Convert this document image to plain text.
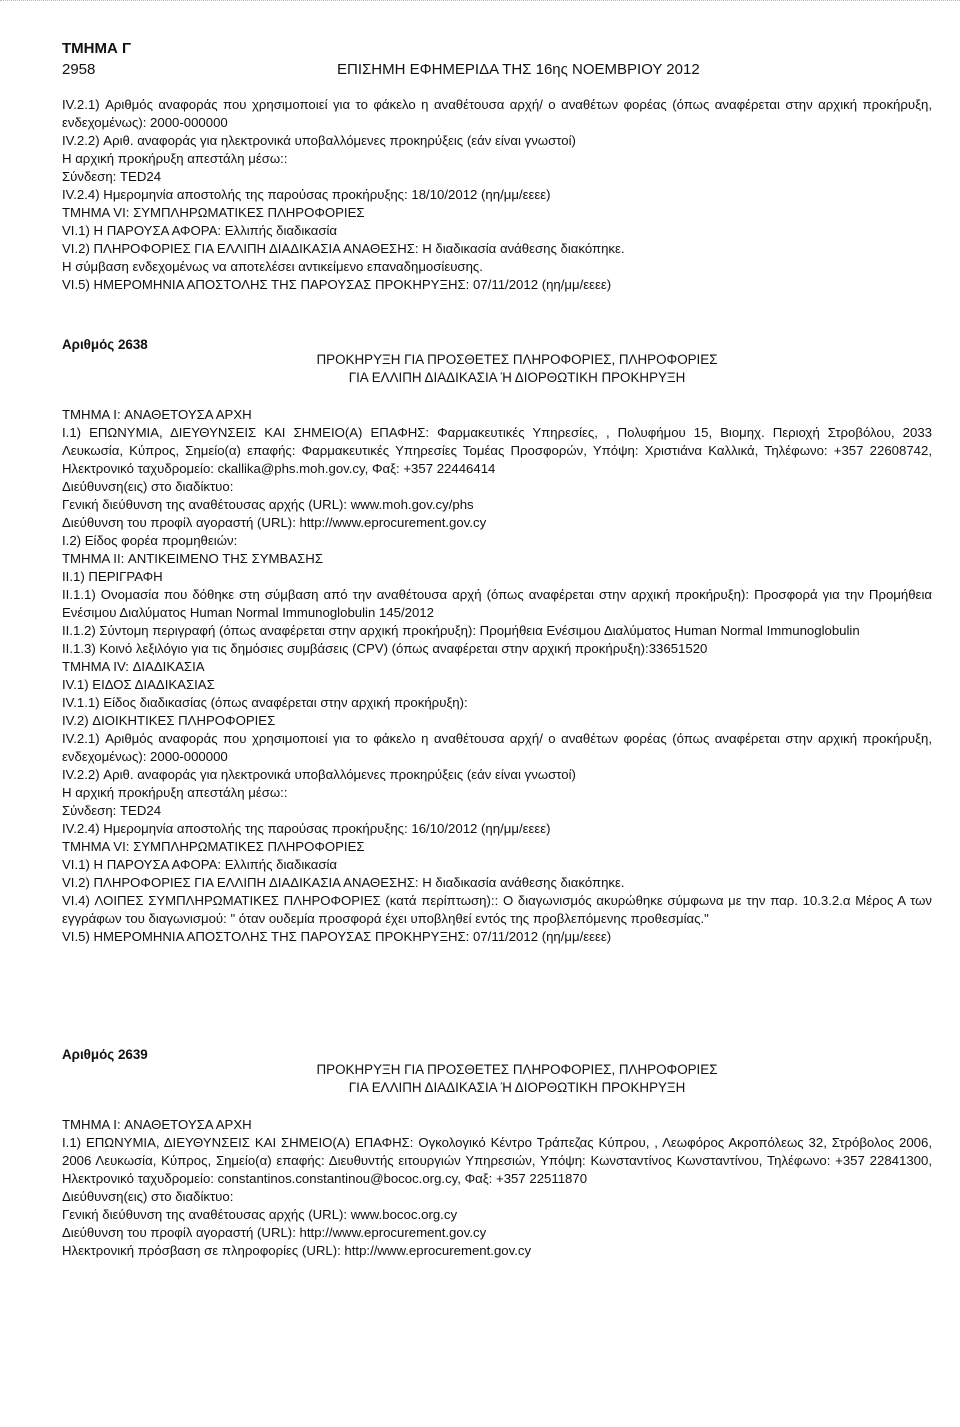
ΤΜΗΜΑ Γ
2958	ΕΠΙΣΗΜΗ ΕΦΗΜΕΡΙΔΑ ΤΗΣ 16ης ΝΟΕΜΒΡΙΟΥ 2012

IV.2.1) Αριθμός αναφοράς που χρησιμοποιεί για το φάκελο η αναθέτουσα αρχή/ ο αναθέτων φορέας (όπως αναφέρεται στην αρχική προκήρυξη, ενδεχομένως): 2000-000000

IV.2.2) Αριθ. αναφοράς για ηλεκτρονικά υποβαλλόμενες προκηρύξεις (εάν είναι γνωστοί)

Η αρχική προκήρυξη απεστάλη μέσω::

Σύνδεση: TED24

IV.2.4) Ημερομηνία αποστολής της παρούσας προκήρυξης: 18/10/2012 (ηη/μμ/εεεε)

ΤΜΗΜΑ VI: ΣΥΜΠΛΗΡΩΜΑΤΙΚΕΣ ΠΛΗΡΟΦΟΡΙΕΣ

VI.1) Η ΠΑΡΟΥΣΑ ΑΦΟΡΑ: Ελλιπής διαδικασία

VI.2) ΠΛΗΡΟΦΟΡΙΕΣ ΓΙΑ ΕΛΛΙΠΗ ΔΙΑΔΙΚΑΣΙΑ ΑΝΑΘΕΣΗΣ: Η διαδικασία ανάθεσης διακόπηκε.

Η σύμβαση ενδεχομένως να αποτελέσει αντικείμενο επαναδημοσίευσης.

VI.5) ΗΜΕΡΟΜΗΝΙΑ ΑΠΟΣΤΟΛΗΣ ΤΗΣ ΠΑΡΟΥΣΑΣ ΠΡΟΚΗΡΥΞΗΣ: 07/11/2012 (ηη/μμ/εεεε)

Αριθμός 2638
ΠΡΟΚΗΡΥΞΗ ΓΙΑ ΠΡΟΣΘΕΤΕΣ ΠΛΗΡΟΦΟΡΙΕΣ, ΠΛΗΡΟΦΟΡΙΕΣ
ΓΙΑ ΕΛΛΙΠΗ ΔΙΑΔΙΚΑΣΙΑ Ή ΔΙΟΡΘΩΤΙΚΗ ΠΡΟΚΗΡΥΞΗ

ΤΜΗΜΑ I: ΑΝΑΘΕΤΟΥΣΑ ΑΡΧΗ

I.1) ΕΠΩΝΥΜΙΑ, ΔΙΕΥΘΥΝΣΕΙΣ ΚΑΙ ΣΗΜΕΙΟ(Α) ΕΠΑΦΗΣ: Φαρμακευτικές Υπηρεσίες, , Πολυφήμου 15, Βιομηχ. Περιοχή Στροβόλου, 2033 Λευκωσία, Κύπρος, Σημείο(α) επαφής: Φαρμακευτικές Υπηρεσίες Τομέας Προσφορών, Υπόψη: Χριστιάνα Καλλικά, Τηλέφωνο: +357 22608742, Ηλεκτρονικό ταχυδρομείο: ckallika@phs.moh.gov.cy, Φαξ: +357 22446414

Διεύθυνση(εις) στο διαδίκτυο:

Γενική διεύθυνση της αναθέτουσας αρχής (URL): www.moh.gov.cy/phs

Διεύθυνση του προφίλ αγοραστή (URL): http://www.eprocurement.gov.cy

I.2) Είδος φορέα προμηθειών:

ΤΜΗΜΑ II: ΑΝΤΙΚΕΙΜΕΝΟ ΤΗΣ ΣΥΜΒΑΣΗΣ

II.1) ΠΕΡΙΓΡΑΦΗ

II.1.1) Ονομασία που δόθηκε στη σύμβαση από την αναθέτουσα αρχή (όπως αναφέρεται στην αρχική προκήρυξη): Προσφορά για την Προμήθεια Ενέσιμου Διαλύματος Human Normal Immunoglobulin 145/2012

II.1.2) Σύντομη περιγραφή (όπως αναφέρεται στην αρχική προκήρυξη): Προμήθεια Ενέσιμου Διαλύματος Human Normal Immunoglobulin

II.1.3) Κοινό λεξιλόγιο για τις δημόσιες συμβάσεις (CPV) (όπως αναφέρεται στην αρχική προκήρυξη):33651520

ΤΜΗΜΑ IV: ΔΙΑΔΙΚΑΣΙΑ

IV.1) ΕΙΔΟΣ ΔΙΑΔΙΚΑΣΙΑΣ

IV.1.1) Είδος διαδικασίας (όπως αναφέρεται στην αρχική προκήρυξη):

IV.2) ΔΙΟΙΚΗΤΙΚΕΣ ΠΛΗΡΟΦΟΡΙΕΣ

IV.2.1) Αριθμός αναφοράς που χρησιμοποιεί για το φάκελο η αναθέτουσα αρχή/ ο αναθέτων φορέας (όπως αναφέρεται στην αρχική προκήρυξη, ενδεχομένως): 2000-000000

IV.2.2) Αριθ. αναφοράς για ηλεκτρονικά υποβαλλόμενες προκηρύξεις (εάν είναι γνωστοί)

Η αρχική προκήρυξη απεστάλη μέσω::

Σύνδεση: TED24

IV.2.4) Ημερομηνία αποστολής της παρούσας προκήρυξης: 16/10/2012 (ηη/μμ/εεεε)

ΤΜΗΜΑ VI: ΣΥΜΠΛΗΡΩΜΑΤΙΚΕΣ ΠΛΗΡΟΦΟΡΙΕΣ

VI.1) Η ΠΑΡΟΥΣΑ ΑΦΟΡΑ: Ελλιπής διαδικασία

VI.2) ΠΛΗΡΟΦΟΡΙΕΣ ΓΙΑ ΕΛΛΙΠΗ ΔΙΑΔΙΚΑΣΙΑ ΑΝΑΘΕΣΗΣ: Η διαδικασία ανάθεσης διακόπηκε.

VI.4) ΛΟΙΠΕΣ ΣΥΜΠΛΗΡΩΜΑΤΙΚΕΣ ΠΛΗΡΟΦΟΡΙΕΣ (κατά περίπτωση):: Ο διαγωνισμός ακυρώθηκε σύμφωνα με την παρ. 10.3.2.α Μέρος Α των εγγράφων του διαγωνισμού: " όταν ουδεμία προσφορά έχει υποβληθεί εντός της προβλεπόμενης προθεσμίας."

VI.5) ΗΜΕΡΟΜΗΝΙΑ ΑΠΟΣΤΟΛΗΣ ΤΗΣ ΠΑΡΟΥΣΑΣ ΠΡΟΚΗΡΥΞΗΣ: 07/11/2012 (ηη/μμ/εεεε)

Αριθμός 2639
ΠΡΟΚΗΡΥΞΗ ΓΙΑ ΠΡΟΣΘΕΤΕΣ ΠΛΗΡΟΦΟΡΙΕΣ, ΠΛΗΡΟΦΟΡΙΕΣ
ΓΙΑ ΕΛΛΙΠΗ ΔΙΑΔΙΚΑΣΙΑ Ή ΔΙΟΡΘΩΤΙΚΗ ΠΡΟΚΗΡΥΞΗ

ΤΜΗΜΑ I: ΑΝΑΘΕΤΟΥΣΑ ΑΡΧΗ

I.1) ΕΠΩΝΥΜΙΑ, ΔΙΕΥΘΥΝΣΕΙΣ ΚΑΙ ΣΗΜΕΙΟ(Α) ΕΠΑΦΗΣ: Ογκολογικό Κέντρο Τράπεζας Κύπρου, , Λεωφόρος Ακροπόλεως 32, Στρόβολος 2006, 2006 Λευκωσία, Κύπρος, Σημείο(α) επαφής: Διευθυντής ειτουργιών Υπηρεσιών, Υπόψη: Κωνσταντίνος Κωνσταντίνου, Τηλέφωνο: +357 22841300, Ηλεκτρονικό ταχυδρομείο: constantinos.constantinou@bococ.org.cy, Φαξ: +357 22511870

Διεύθυνση(εις) στο διαδίκτυο:

Γενική διεύθυνση της αναθέτουσας αρχής (URL): www.bococ.org.cy

Διεύθυνση του προφίλ αγοραστή (URL): http://www.eprocurement.gov.cy

Ηλεκτρονική πρόσβαση σε πληροφορίες (URL): http://www.eprocurement.gov.cy
